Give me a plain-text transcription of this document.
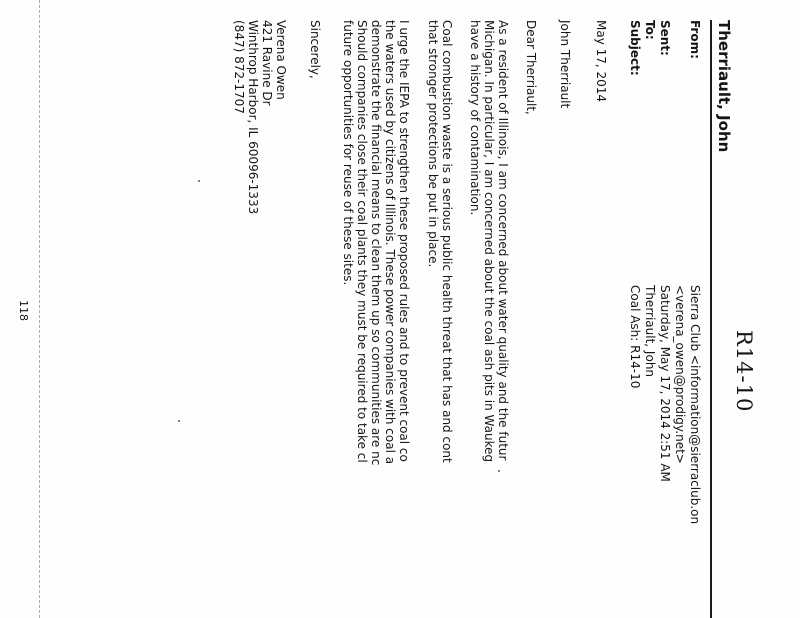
R14-10
Therriault, John
From:
Sierra Club <information@sierraclub.on
<verena_owen@prodigy.net>
Sent:
Saturday, May 17, 2014 2:51 AM
To:
Therriault, John
Subject:
Coal Ash: R14-10
May 17, 2014
John Therriault
Dear Therriault,
As a resident of Illinois, I am concerned about water quality and the futur
Michigan. In particular, I am concerned about the coal ash pits in Waukeg
have a history of contamination.
Coal combustion waste is a serious public health threat that has and cont
that stronger protections be put in place.
I urge the IEPA to strengthen these proposed rules and to prevent coal co
the waters used by citizens of Illinois. These power companies with coal a
demonstrate the financial means to clean them up so communities are nc
Should companies close their coal plants they must be required to take cl
future opportunities for reuse of these sites.
Sincerely,
Verena Owen
421 Ravine Dr
Winthrop Harbor, IL 60096-1333
(847) 872-1707
118
